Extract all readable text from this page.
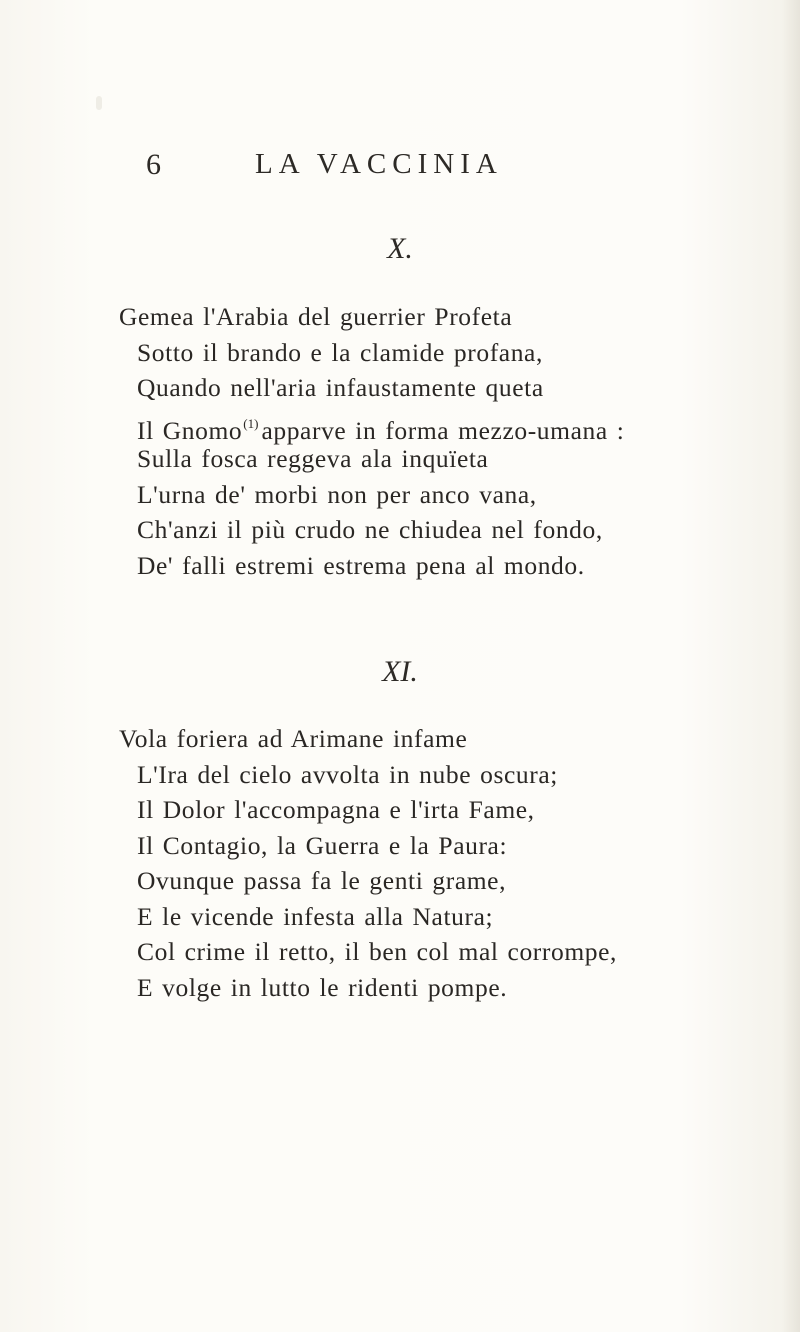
6	LA VACCINIA
X.
Gemea l'Arabia del guerrier Profeta
Sotto il brando e la clamide profana,
Quando nell'aria infaustamente queta
Il Gnomo$^{(1)}$ apparve in forma mezzo-umana :
Sulla fosca reggeva ala inquïeta
L'urna de' morbi non per anco vana,
Ch'anzi il più crudo ne chiudea nel fondo,
De' falli estremi estrema pena al mondo.
XI.
Vola foriera ad Arimane infame
L'Ira del cielo avvolta in nube oscura;
Il Dolor l'accompagna e l'irta Fame,
Il Contagio, la Guerra e la Paura:
Ovunque passa fa le genti grame,
E le vicende infesta alla Natura;
Col crime il retto, il ben col mal corrompe,
E volge in lutto le ridenti pompe.
